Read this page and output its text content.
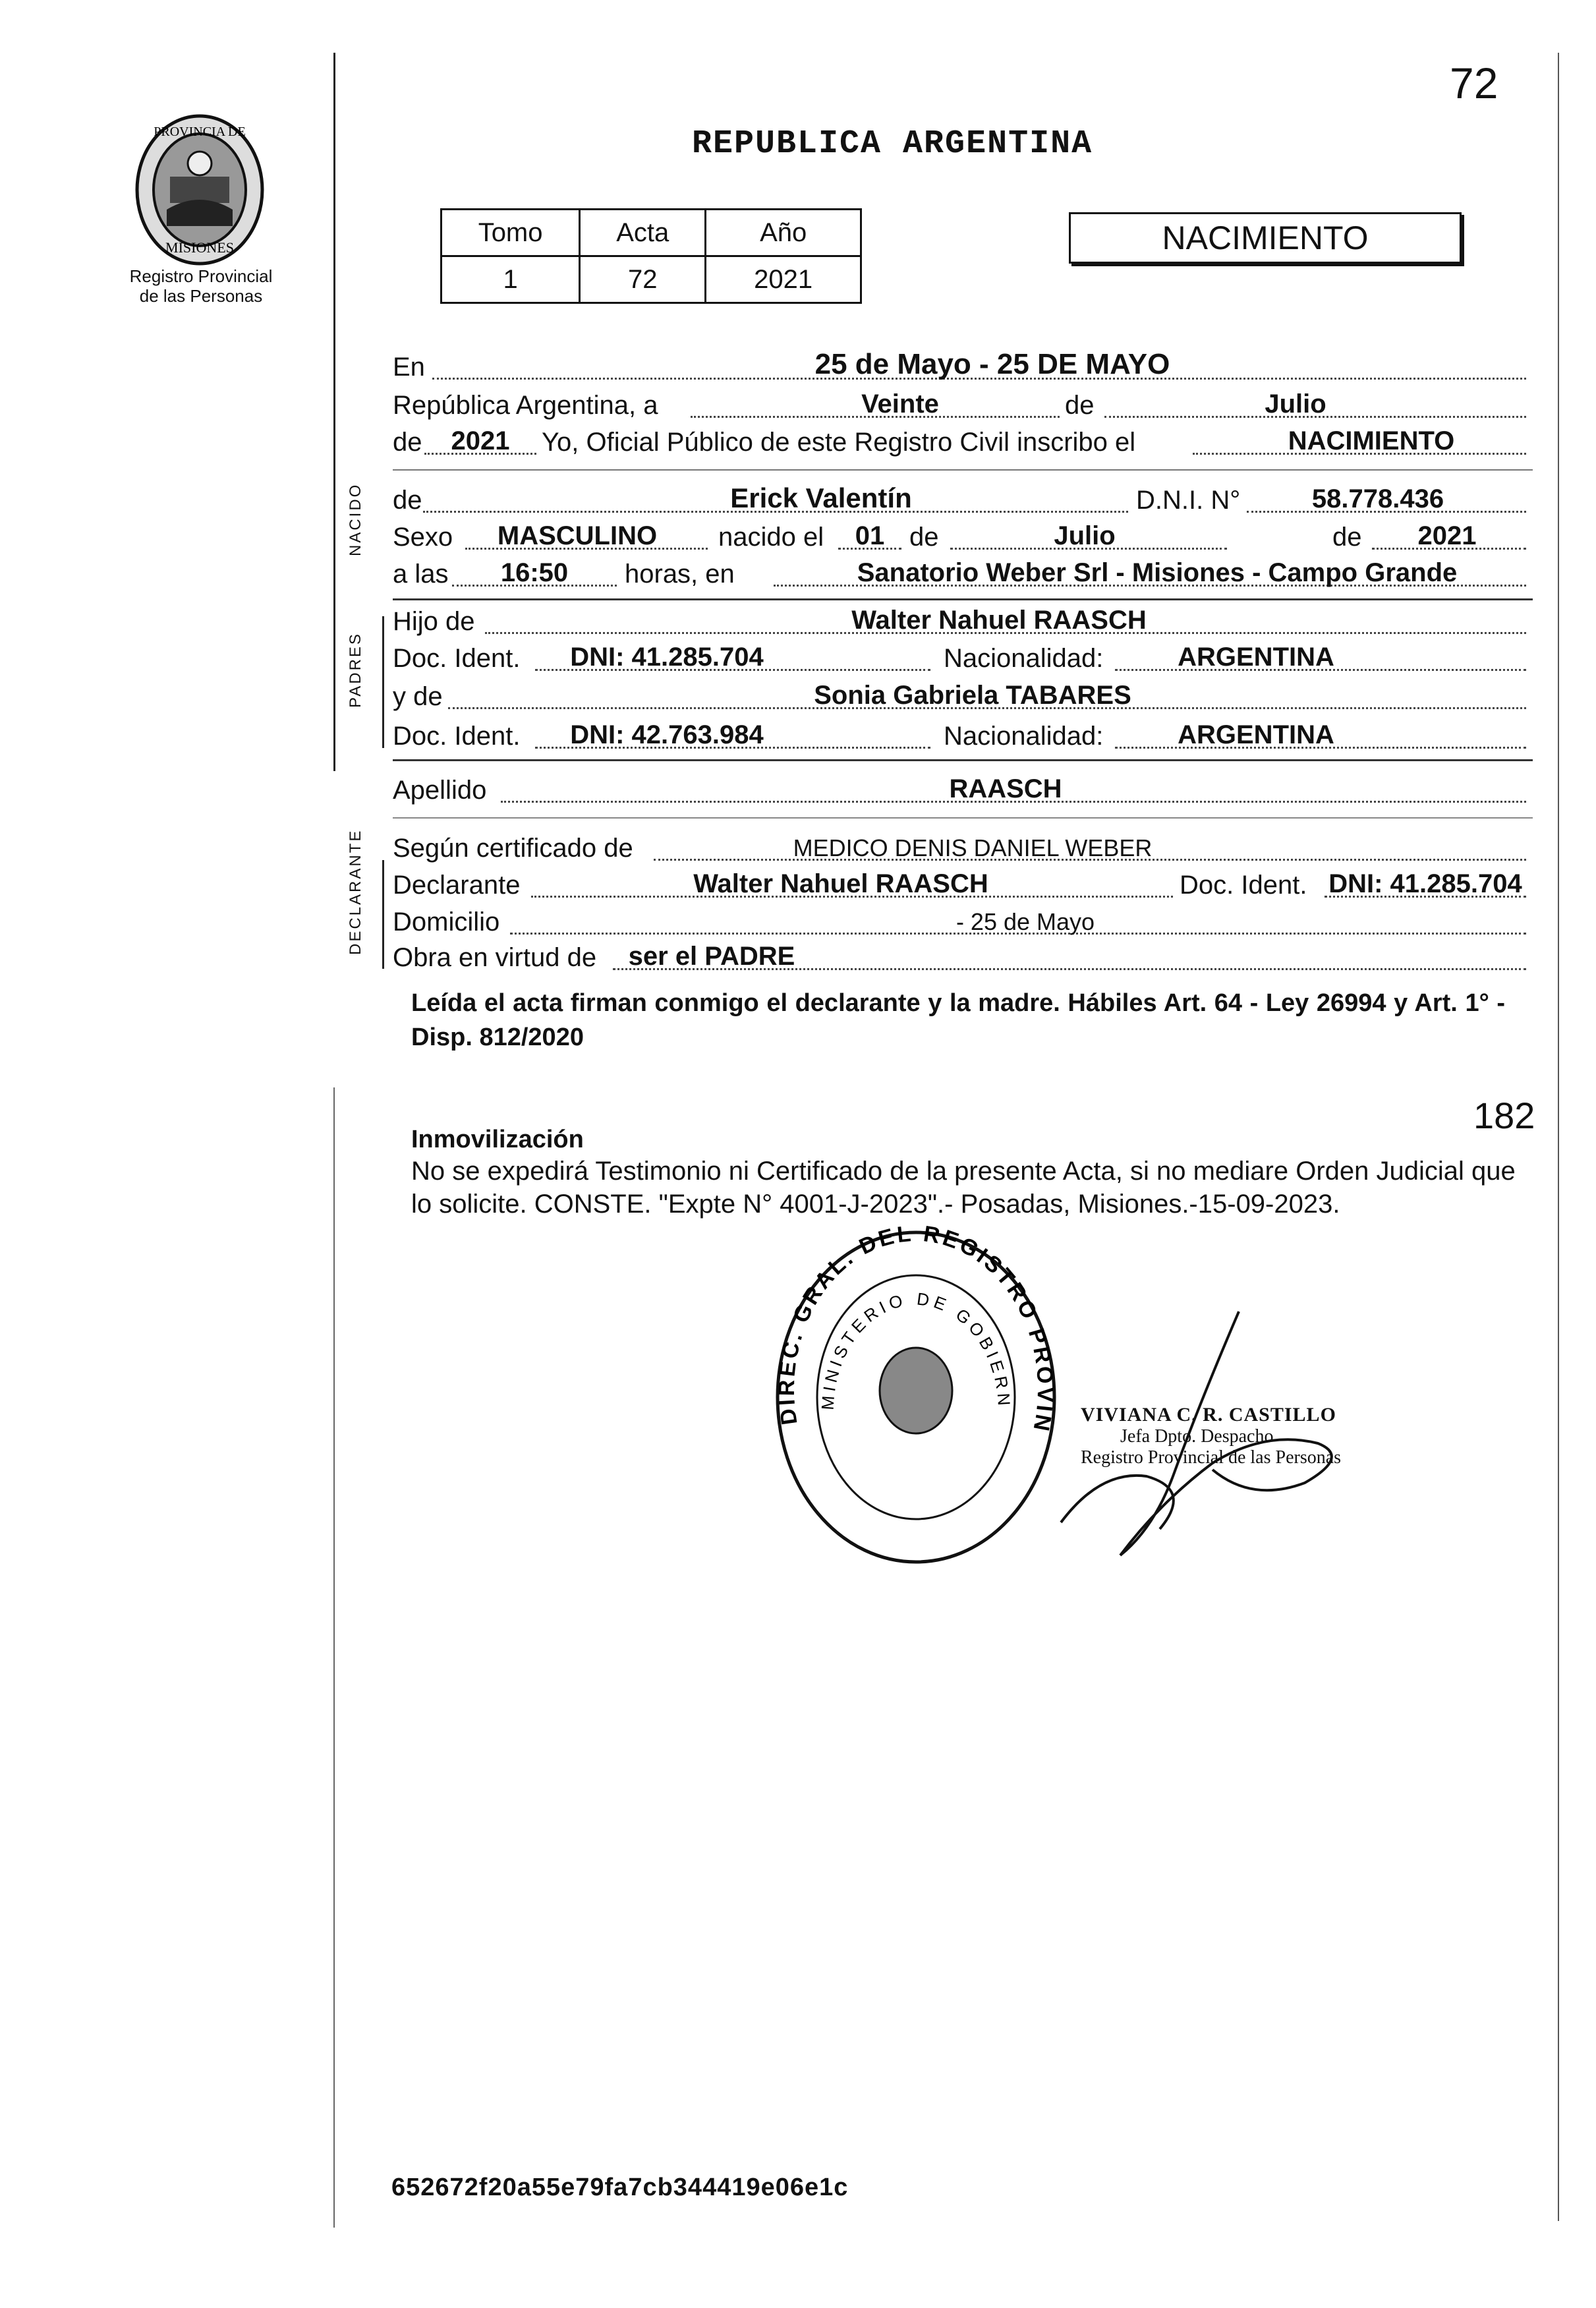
72
PROVINCIA DE
MISIONES
Registro Provincial
de las Personas
NACIDO
PADRES
DECLARANTE
REPUBLICA ARGENTINA
Tomo	Acta	Año
1	72	2021
NACIMIENTO
En	25 de Mayo - 25 DE MAYO
República Argentina, a	Veinte	de	Julio
de	2021	Yo, Oficial Público de este Registro Civil inscribo el	NACIMIENTO
de	Erick Valentín	D.N.I. N°	58.778.436
Sexo	MASCULINO	nacido el	01 de	Julio	de	2021
a las	16:50	horas, en	Sanatorio Weber Srl - Misiones - Campo Grande
Hijo de	Walter Nahuel RAASCH
Doc. Ident.	DNI: 41.285.704	Nacionalidad:	ARGENTINA
y de	Sonia Gabriela TABARES
Doc. Ident.	DNI: 42.763.984	Nacionalidad:	ARGENTINA
Apellido	RAASCH
Según certificado de	MEDICO DENIS DANIEL WEBER
Declarante	Walter Nahuel RAASCH	Doc. Ident. DNI: 41.285.704
Domicilio	- 25 de Mayo
Obra en virtud de	ser el PADRE
Leída el acta firman conmigo el declarante y la madre. Hábiles Art. 64 - Ley 26994 y Art. 1° - Disp. 812/2020
182
Inmovilización
No se expedirá Testimonio ni Certificado de la presente Acta, si no mediare Orden Judicial que lo solicite. CONSTE. "Expte N° 4001-J-2023".- Posadas, Misiones.-15-09-2023.
DIREC. GRAL. DEL REGISTRO PROVIN
MINISTERIO DE GOBIERN
VIVIANA C. R. CASTILLO
Jefa Dpto. Despacho
Registro Provincial de las Personas
652672f20a55e79fa7cb344419e06e1c
